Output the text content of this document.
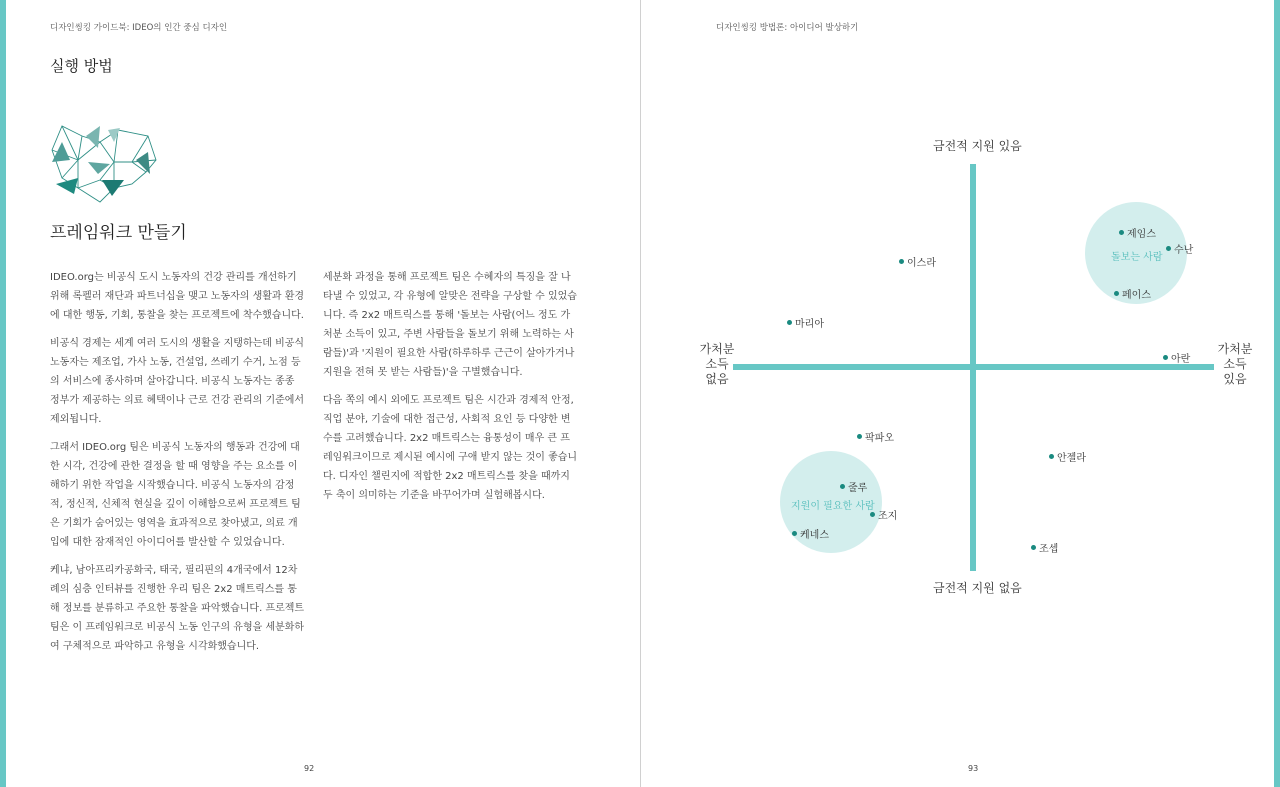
디자인씽킹 가이드북: IDEO의 인간 중심 디자인
실행 방법
프레임워크 만들기

IDEO.org는 비공식 도시 노동자의 건강 관리를 개선하기 위해 록펠러 재단과 파트너십을 맺고 노동자의 생활과 환경에 대한 행동, 기회, 통찰을 찾는 프로젝트에 착수했습니다.

비공식 경제는 세계 여러 도시의 생활을 지탱하는데 비공식 노동자는 제조업, 가사 노동, 건설업, 쓰레기 수거, 노점 등의 서비스에 종사하며 살아갑니다. 비공식 노동자는 종종 정부가 제공하는 의료 혜택이나 근로 건강 관리의 기준에서 제외됩니다.

그래서 IDEO.org 팀은 비공식 노동자의 행동과 건강에 대한 시각, 건강에 관한 결정을 할 때 영향을 주는 요소를 이해하기 위한 작업을 시작했습니다. 비공식 노동자의 감정적, 정신적, 신체적 현실을 깊이 이해함으로써 프로젝트 팀은 기회가 숨어있는 영역을 효과적으로 찾아냈고, 의료 개입에 대한 잠재적인 아이디어를 발산할 수 있었습니다.

케냐, 남아프리카공화국, 태국, 필리핀의 4개국에서 12차례의 심층 인터뷰를 진행한 우리 팀은 2x2 매트릭스를 통해 정보를 분류하고 주요한 통찰을 파악했습니다. 프로젝트 팀은 이 프레임워크로 비공식 노동 인구의 유형을 세분화하여 구체적으로 파악하고 유형을 시각화했습니다.

세분화 과정을 통해 프로젝트 팀은 수혜자의 특징을 잘 나타낼 수 있었고, 각 유형에 알맞은 전략을 구상할 수 있었습니다. 즉 2x2 매트릭스를 통해 '돌보는 사람(어느 정도 가처분 소득이 있고, 주변 사람들을 돌보기 위해 노력하는 사람들)'과 '지원이 필요한 사람(하루하루 근근이 살아가거나 지원을 전혀 못 받는 사람들)'을 구별했습니다.

다음 쪽의 예시 외에도 프로젝트 팀은 시간과 경제적 안정, 직업 분야, 기술에 대한 접근성, 사회적 요인 등 다양한 변수를 고려했습니다. 2x2 매트릭스는 융통성이 매우 큰 프레임워크이므로 제시된 예시에 구애 받지 않는 것이 좋습니다. 디자인 챌린지에 적합한 2x2 매트릭스를 찾을 때까지 두 축이 의미하는 기준을 바꾸어가며 실험해봅시다.

92
디자인씽킹 방법론: 아이디어 발상하기
금전적 지원 있음
금전적 지원 없음
가처분
소득
없음
가처분
소득
있음
돌보는 사람
지원이 필요한 사람
제임스
수난
페이스
이스라
마리아
아란
팍파오
안젤라
줄루
조지
케네스
조셉
93
